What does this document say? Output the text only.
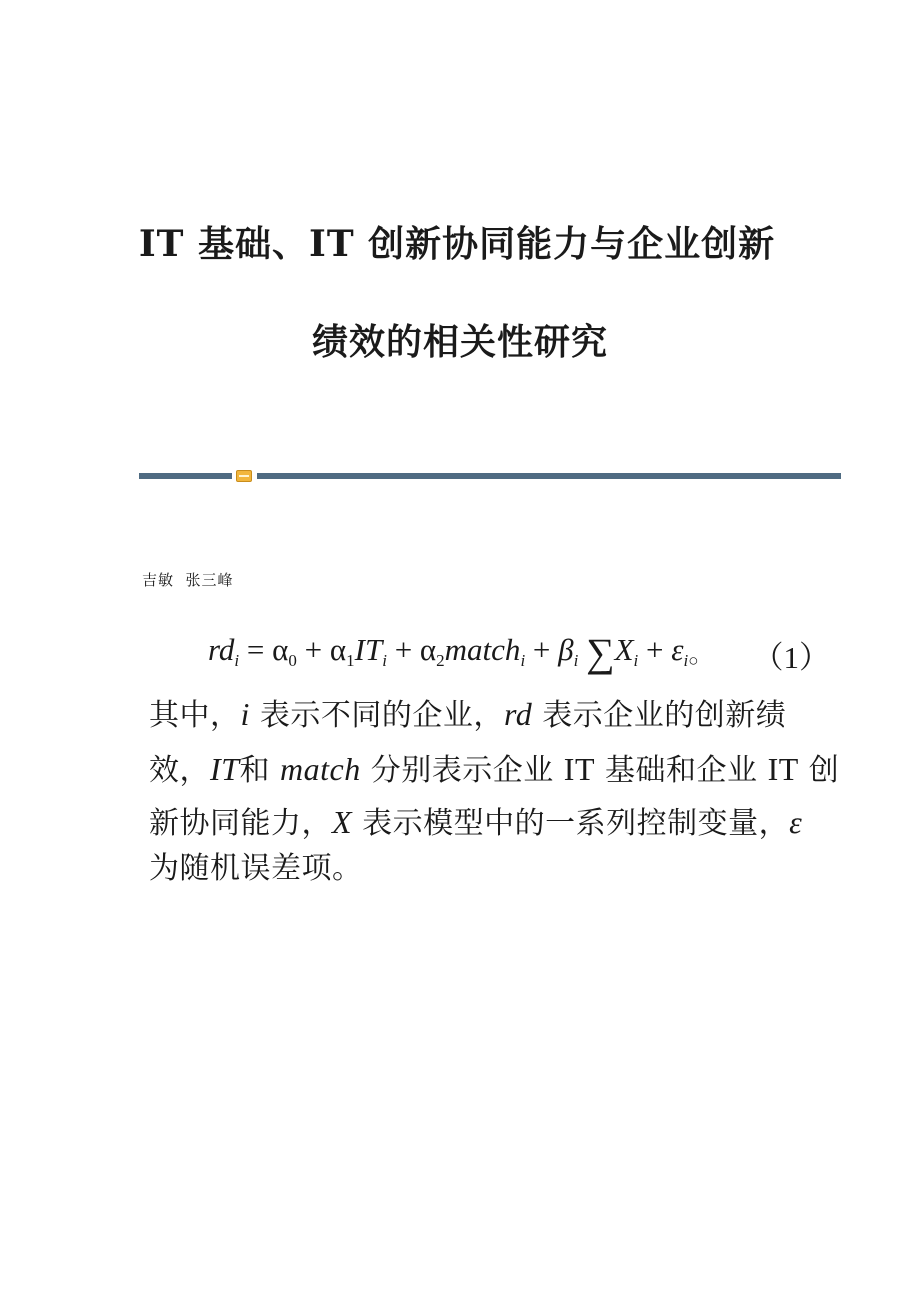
IT 基础、IT 创新协同能力与企业创新
绩效的相关性研究
吉敏  张三峰
$rd_i = \alpha_0 + \alpha_1IT_i$ + $\alpha_2match_i + \beta_i$ $\sum X_i + \varepsilon_{i○}$ （1）
其中，i 表示不同的企业，rd 表示企业的创新绩
效，IT和 match 分别表示企业 IT 基础和企业 IT 创
新协同能力，X 表示模型中的一系列控制变量，ε
为随机误差项。
